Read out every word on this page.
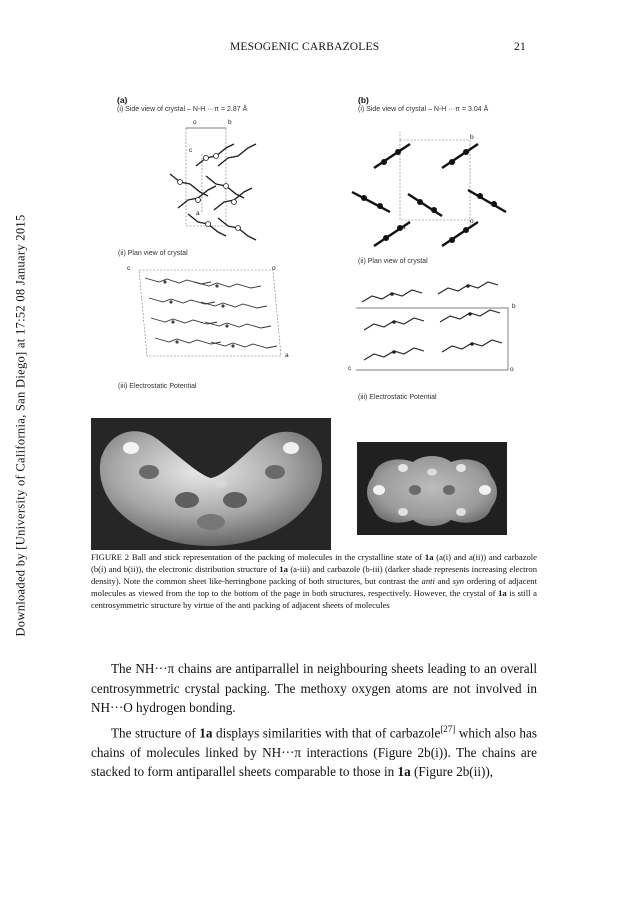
MESOGENIC CARBAZOLES	21
Downloaded by [University of California, San Diego] at 17:52 08 January 2015
(a)
(i) Side view of crystal – N-H ···π = 2.87 Å
o	b
c
a
(ii) Plan view of crystal
c	o
a
(iii) Electrostatic Potential
(b)
(i) Side view of crystal – N-H ···π = 3.04 Å
b
o
a
(ii) Plan view of crystal
b
c	o
(iii) Electrostatic Potential
FIGURE 2 Ball and stick representation of the packing of molecules in the crystalline state of 1a (a(i) and a(ii)) and carbazole (b(i) and b(ii)), the electronic distribution structure of 1a (a-iii) and carbazole (b-iii) (darker shade represents increasing electron density). Note the common sheet like-herringbone packing of both structures, but contrast the anti and syn ordering of adjacent molecules as viewed from the top to the bottom of the page in both structures, respectively. However, the crystal of 1a is still a centrosymmetric structure by virtue of the anti packing of adjacent sheets of molecules
The NH···π chains are antiparrallel in neighbouring sheets leading to an overall centrosymmetric crystal packing. The methoxy oxygen atoms are not involved in NH···O hydrogen bonding.
The structure of 1a displays similarities with that of carbazole[27] which also has chains of molecules linked by NH···π interactions (Figure 2b(i)). The chains are stacked to form antiparallel sheets comparable to those in 1a (Figure 2b(ii)),
